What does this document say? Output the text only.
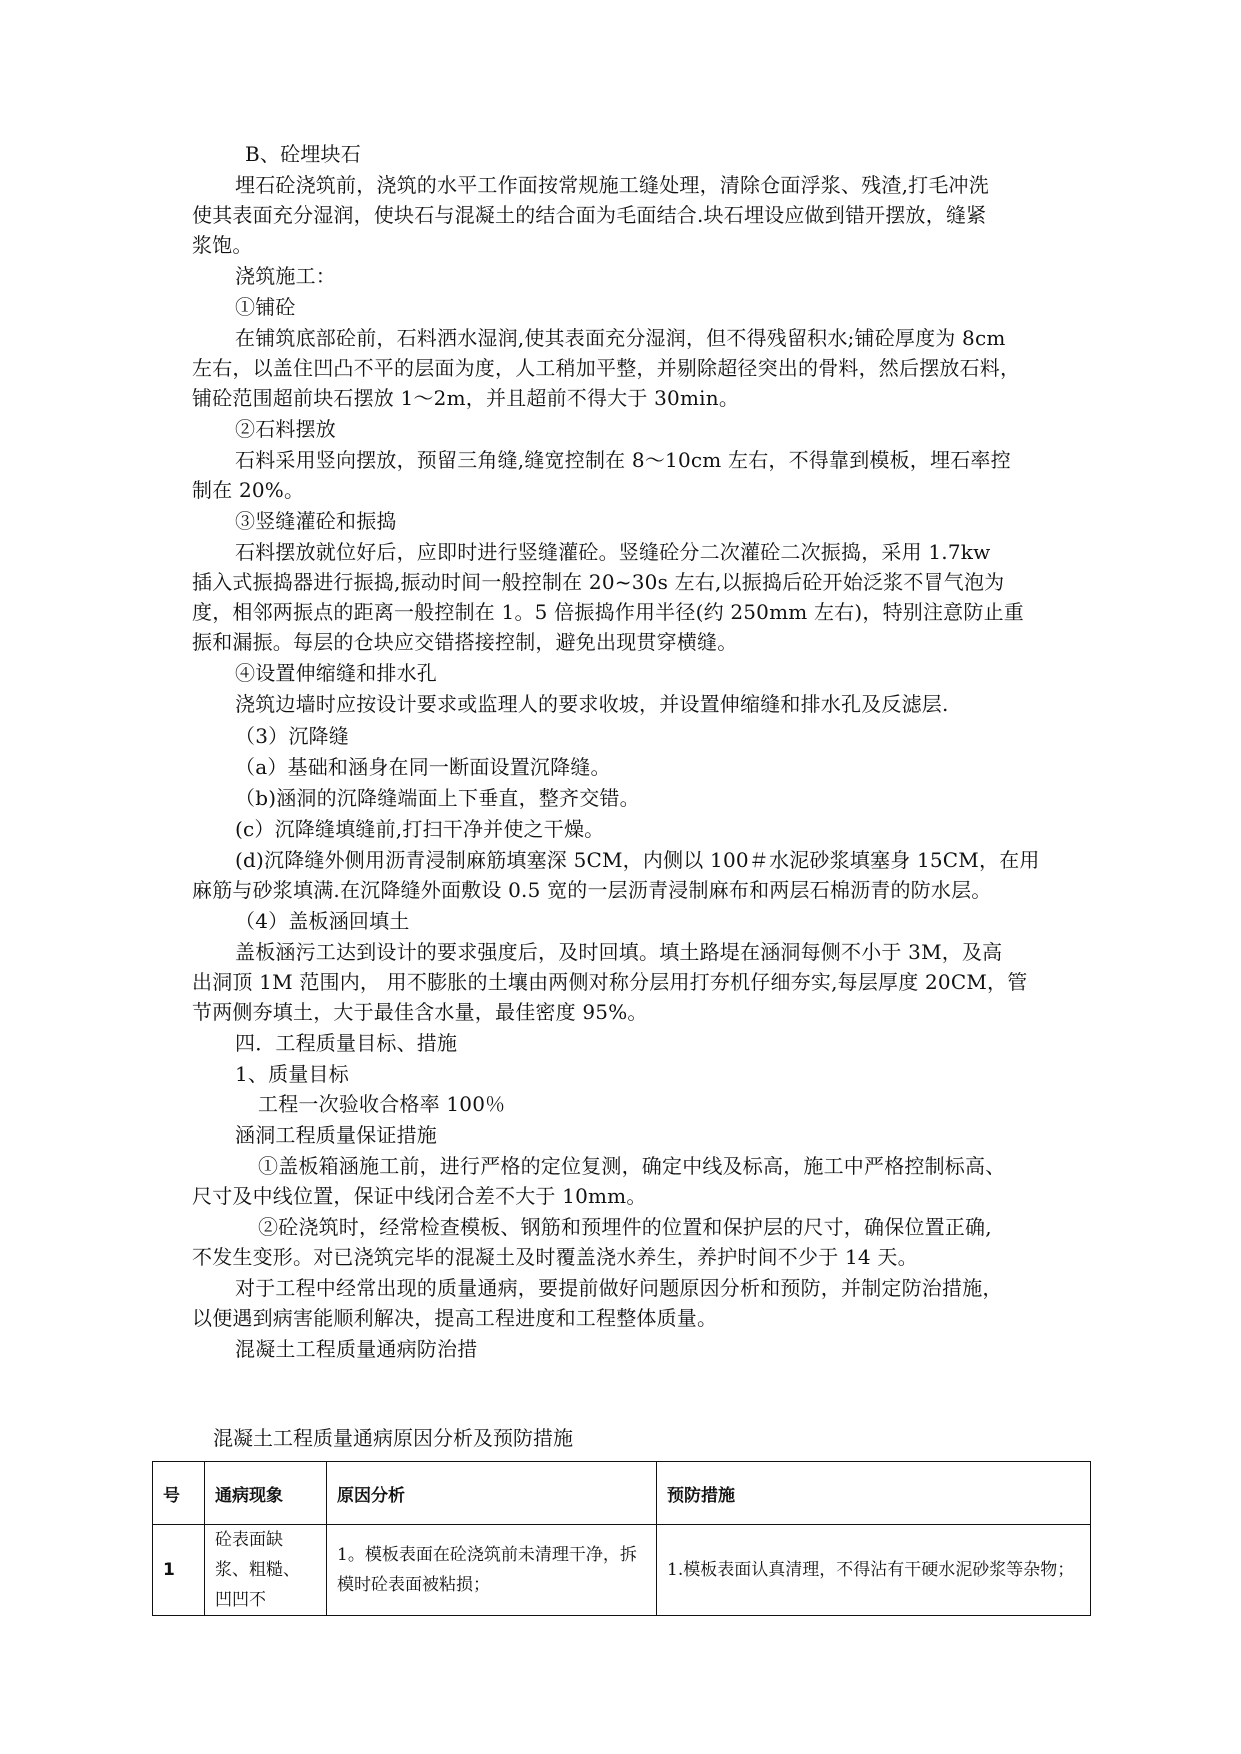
B、砼埋块石
埋石砼浇筑前，浇筑的水平工作面按常规施工缝处理，清除仓面浮浆、残渣,打毛冲洗
使其表面充分湿润，使块石与混凝土的结合面为毛面结合.块石埋设应做到错开摆放，缝紧
浆饱。
浇筑施工：
①铺砼
在铺筑底部砼前，石料洒水湿润,使其表面充分湿润，但不得残留积水;铺砼厚度为 8cm
左右，以盖住凹凸不平的层面为度，人工稍加平整，并剔除超径突出的骨料，然后摆放石料，
铺砼范围超前块石摆放 1～2m，并且超前不得大于 30min。
②石料摆放
石料采用竖向摆放，预留三角缝,缝宽控制在 8～10cm 左右，不得靠到模板，埋石率控
制在 20%。
③竖缝灌砼和振捣
石料摆放就位好后，应即时进行竖缝灌砼。竖缝砼分二次灌砼二次振捣，采用 1.7kw
插入式振捣器进行振捣,振动时间一般控制在 20~30s 左右,以振捣后砼开始泛浆不冒气泡为
度，相邻两振点的距离一般控制在 1。5 倍振捣作用半径(约 250mm 左右)，特别注意防止重
振和漏振。每层的仓块应交错搭接控制，避免出现贯穿横缝。
④设置伸缩缝和排水孔
浇筑边墙时应按设计要求或监理人的要求收坡，并设置伸缩缝和排水孔及反滤层.
（3）沉降缝
（a）基础和涵身在同一断面设置沉降缝。
（b)涵洞的沉降缝端面上下垂直，整齐交错。
(c）沉降缝填缝前,打扫干净并使之干燥。
(d)沉降缝外侧用沥青浸制麻筋填塞深 5CM，内侧以 100＃水泥砂浆填塞身 15CM，在用
麻筋与砂浆填满.在沉降缝外面敷设 0.5 宽的一层沥青浸制麻布和两层石棉沥青的防水层。
（4）盖板涵回填土
盖板涵污工达到设计的要求强度后，及时回填。填土路堤在涵洞每侧不小于 3M，及高
出洞顶 1M 范围内， 用不膨胀的土壤由两侧对称分层用打夯机仔细夯实,每层厚度 20CM，管
节两侧夯填土，大于最佳含水量，最佳密度 95%。
四．工程质量目标、措施
1、质量目标
工程一次验收合格率 100％
涵洞工程质量保证措施
①盖板箱涵施工前，进行严格的定位复测，确定中线及标高，施工中严格控制标高、
尺寸及中线位置，保证中线闭合差不大于 10mm。
②砼浇筑时，经常检查模板、钢筋和预埋件的位置和保护层的尺寸，确保位置正确,
不发生变形。对已浇筑完毕的混凝土及时覆盖浇水养生，养护时间不少于 14 天。
对于工程中经常出现的质量通病，要提前做好问题原因分析和预防，并制定防治措施，
以便遇到病害能顺利解决，提高工程进度和工程整体质量。
混凝土工程质量通病防治措
混凝土工程质量通病原因分析及预防措施
号	通病现象	原因分析	预防措施
1	砼表面缺浆、粗糙、凹凹不	1。模板表面在砼浇筑前未清理干净，拆模时砼表面被粘损；	1.模板表面认真清理，不得沾有干硬水泥砂浆等杂物；
